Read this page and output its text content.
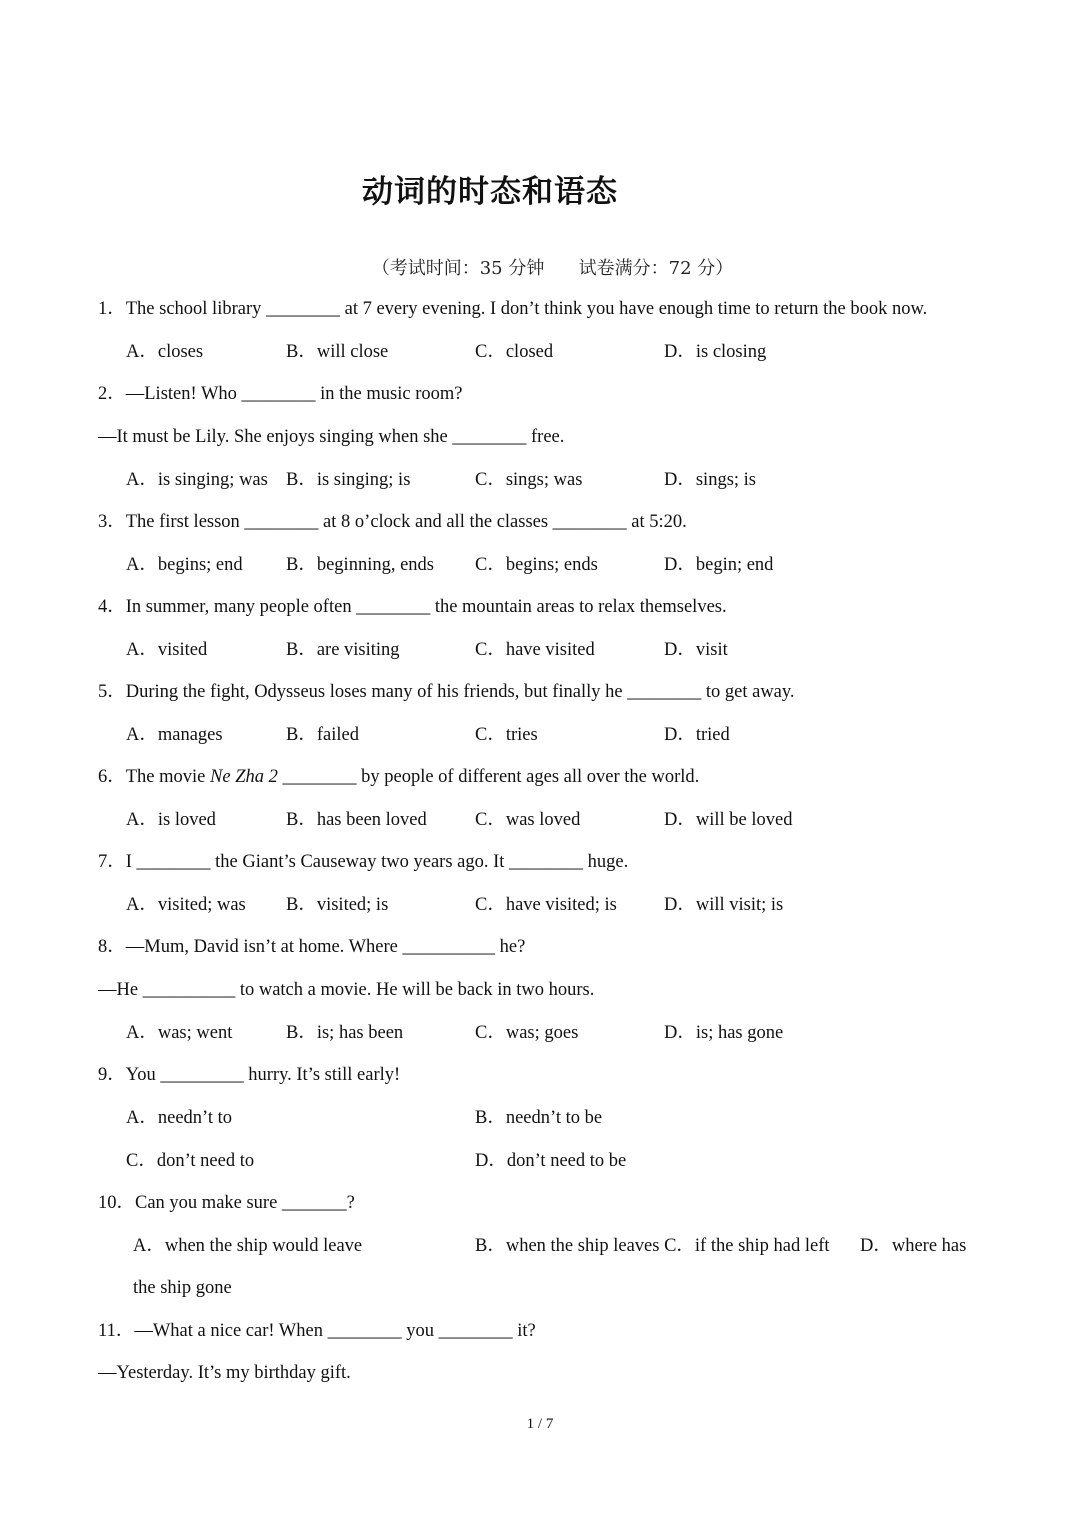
动词的时态和语态
（考试时间：35 分钟      试卷满分：72 分）
1．The school library ________ at 7 every evening. I don’t think you have enough time to return the book now.
A．closes	B．will close	C．closed	D．is closing
2．—Listen! Who ________ in the music room?
—It must be Lily. She enjoys singing when she ________ free.
A．is singing; was B．is singing; is	C．sings; was	D．sings; is
3．The first lesson ________ at 8 o’clock and all the classes ________ at 5:20.
A．begins; end B．beginning, ends C．begins; ends	D．begin; end
4．In summer, many people often ________ the mountain areas to relax themselves.
A．visited	B．are visiting	C．have visited	D．visit
5．During the fight, Odysseus loses many of his friends, but finally he ________ to get away.
A．manages	B．failed	C．tries	D．tried
6．The movie Ne Zha 2 ________ by people of different ages all over the world.
A．is loved	B．has been loved	C．was loved	D．will be loved
7．I ________ the Giant’s Causeway two years ago. It ________ huge.
A．visited; was B．visited; is	C．have visited; is	D．will visit; is
8．—Mum, David isn’t at home. Where __________ he?
—He __________ to watch a movie. He will be back in two hours.
A．was; went	B．is; has been	C．was; goes	D．is; has gone
9．You _________ hurry. It’s still early!
A．needn’t to	B．needn’t to be
C．don’t need to	D．don’t need to be
10．Can you make sure _______?
A．when the ship would leave	B．when the ship leaves C．if the ship had left D．where has
the ship gone
11．—What a nice car! When ________ you ________ it?
—Yesterday. It’s my birthday gift.
1 / 7
